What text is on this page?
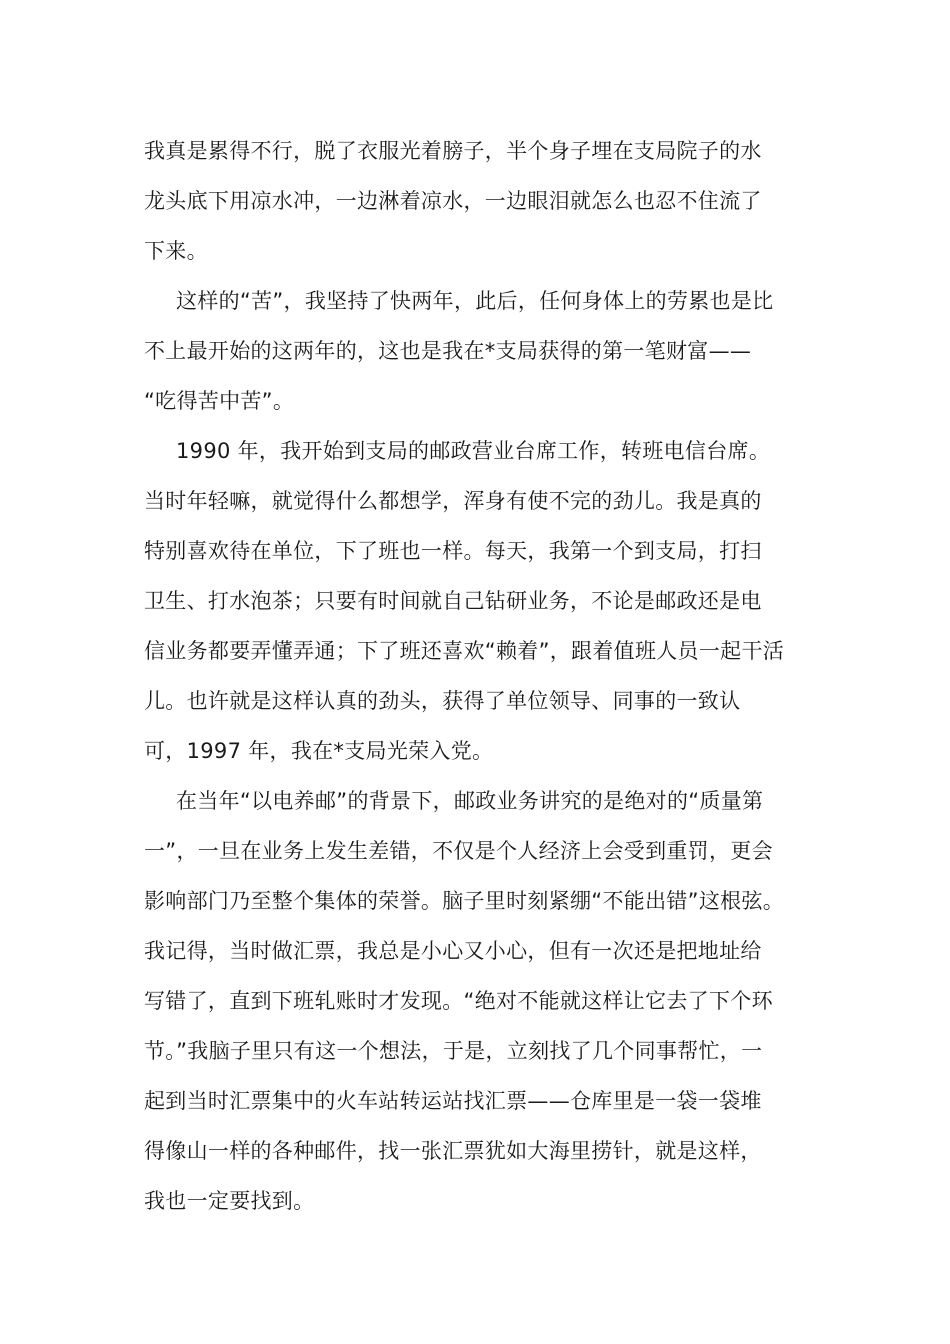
我真是累得不行，脱了衣服光着膀子，半个身子埋在支局院子的水
龙头底下用凉水冲，一边淋着凉水，一边眼泪就怎么也忍不住流了
下来。
这样的“苦”，我坚持了快两年，此后，任何身体上的劳累也是比
不上最开始的这两年的，这也是我在*支局获得的第一笔财富——
“吃得苦中苦”。
1990 年，我开始到支局的邮政营业台席工作，转班电信台席。
当时年轻嘛，就觉得什么都想学，浑身有使不完的劲儿。我是真的
特别喜欢待在单位，下了班也一样。每天，我第一个到支局，打扫
卫生、打水泡茶；只要有时间就自己钻研业务，不论是邮政还是电
信业务都要弄懂弄通；下了班还喜欢“赖着”，跟着值班人员一起干活
儿。也许就是这样认真的劲头，获得了单位领导、同事的一致认
可，1997 年，我在*支局光荣入党。
在当年“以电养邮”的背景下，邮政业务讲究的是绝对的“质量第
一”，一旦在业务上发生差错，不仅是个人经济上会受到重罚，更会
影响部门乃至整个集体的荣誉。脑子里时刻紧绷“不能出错”这根弦。
我记得，当时做汇票，我总是小心又小心，但有一次还是把地址给
写错了，直到下班轧账时才发现。“绝对不能就这样让它去了下个环
节。”我脑子里只有这一个想法，于是，立刻找了几个同事帮忙，一
起到当时汇票集中的火车站转运站找汇票——仓库里是一袋一袋堆
得像山一样的各种邮件，找一张汇票犹如大海里捞针，就是这样，
我也一定要找到。
